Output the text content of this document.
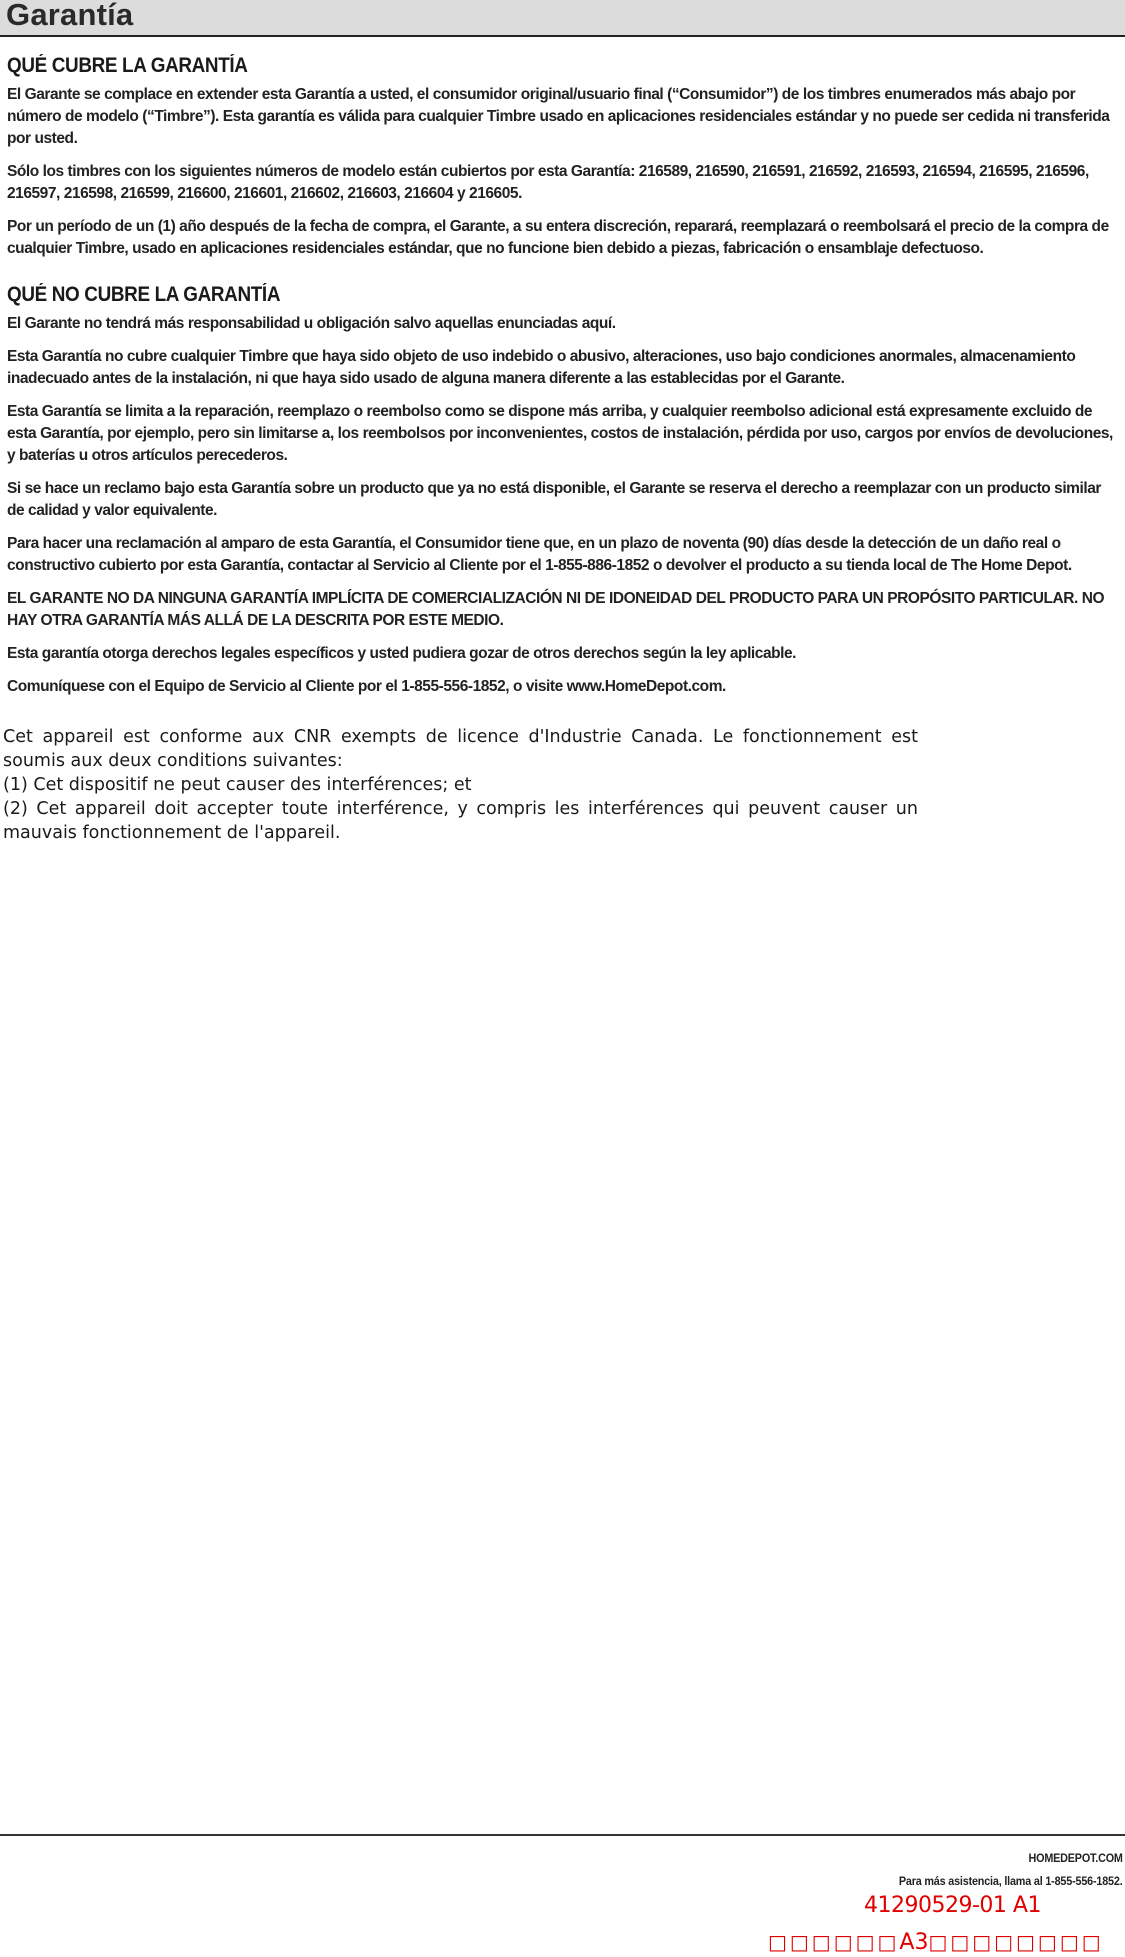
Garantía
QUÉ CUBRE LA GARANTÍA

El Garante se complace en extender esta Garantía a usted, el consumidor original/usuario final (“Consumidor”) de los timbres enumerados más abajo por número de modelo (“Timbre”). Esta garantía es válida para cualquier Timbre usado en aplicaciones residenciales estándar y no puede ser cedida ni transferida por usted.

Sólo los timbres con los siguientes números de modelo están cubiertos por esta Garantía: 216589, 216590, 216591, 216592, 216593, 216594, 216595, 216596, 216597, 216598, 216599, 216600, 216601, 216602, 216603, 216604 y 216605.

Por un período de un (1) año después de la fecha de compra, el Garante, a su entera discreción, reparará, reemplazará o reembolsará el precio de la compra de cualquier Timbre, usado en aplicaciones residenciales estándar, que no funcione bien debido a piezas, fabricación o ensamblaje defectuoso.

QUÉ NO CUBRE LA GARANTÍA

El Garante no tendrá más responsabilidad u obligación salvo aquellas enunciadas aquí.

Esta Garantía no cubre cualquier Timbre que haya sido objeto de uso indebido o abusivo, alteraciones, uso bajo condiciones anormales, almacenamiento inadecuado antes de la instalación, ni que haya sido usado de alguna manera diferente a las establecidas por el Garante.

Esta Garantía se limita a la reparación, reemplazo o reembolso como se dispone más arriba, y cualquier reembolso adicional está expresamente excluido de esta Garantía, por ejemplo, pero sin limitarse a, los reembolsos por inconvenientes, costos de instalación, pérdida por uso, cargos por envíos de devoluciones, y baterías u otros artículos perecederos.

Si se hace un reclamo bajo esta Garantía sobre un producto que ya no está disponible, el Garante se reserva el derecho a reemplazar con un producto similar de calidad y valor equivalente.

Para hacer una reclamación al amparo de esta Garantía, el Consumidor tiene que, en un plazo de noventa (90) días desde la detección de un daño real o constructivo cubierto por esta Garantía, contactar al Servicio al Cliente por el 1-855-886-1852 o devolver el producto a su tienda local de The Home Depot.

EL GARANTE NO DA NINGUNA GARANTÍA IMPLÍCITA DE COMERCIALIZACIÓN NI DE IDONEIDAD DEL PRODUCTO PARA UN PROPÓSITO PARTICULAR. NO HAY OTRA GARANTÍA MÁS ALLÁ DE LA DESCRITA POR ESTE MEDIO.

Esta garantía otorga derechos legales específicos y usted pudiera gozar de otros derechos según la ley aplicable.

Comuníquese con el Equipo de Servicio al Cliente por el 1-855-556-1852, o visite www.HomeDepot.com.

Cet appareil est conforme aux CNR exempts de licence d'Industrie Canada. Le fonctionnement est soumis aux deux conditions suivantes:

(1) Cet dispositif ne peut causer des interférences; et

(2) Cet appareil doit accepter toute interférence, y compris les interférences qui peuvent causer un mauvais fonctionnement de l'appareil.

HOMEDEPOT.COM
Para más asistencia, llama al 1-855-556-1852.
41290529-01 A1
□□□□□□A3□□□□□□□□
